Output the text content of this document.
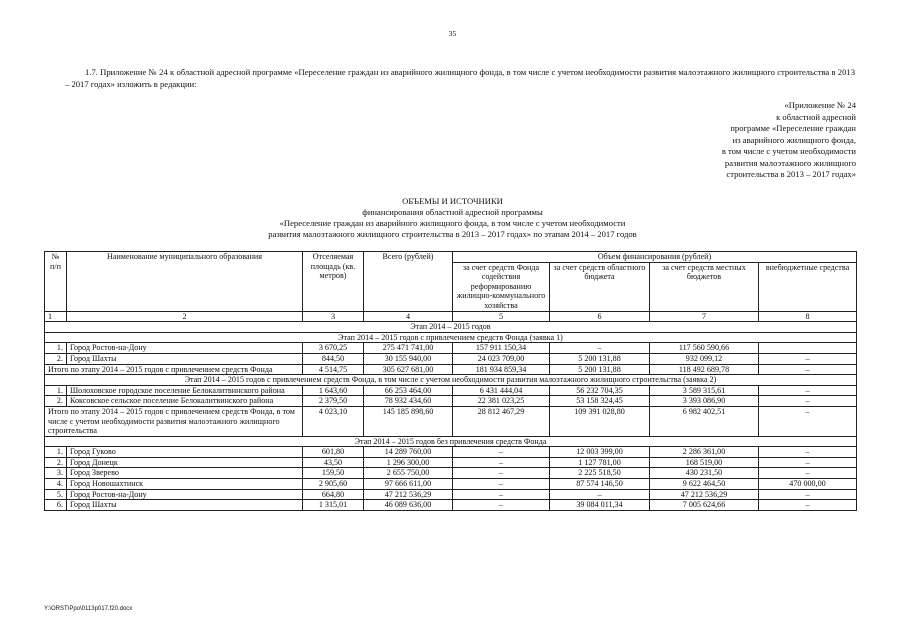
35
1.7. Приложение № 24 к областной адресной программе «Переселение граждан из аварийного жилищного фонда, в том числе с учетом необходимости развития малоэтажного жилищного строительства в 2013 – 2017 годах» изложить в редакции:
«Приложение № 24
к областной адресной
программе «Переселение граждан
из аварийного жилищного фонда,
в том числе с учетом необходимости
развития малоэтажного жилищного
строительства в 2013 – 2017 годах»
ОБЪЕМЫ И ИСТОЧНИКИ
финансирования областной адресной программы
«Переселение граждан из аварийного жилищного фонда, в том числе с учетом необходимости
развития малоэтажного жилищного строительства в 2013 – 2017 годах» по этапам 2014 – 2017 годов
№ п/п	Наименование муниципального образования	Отселяемая площадь (кв. метров)	Всего (рублей)	Объем финансирования (рублей)			
				за счет средств Фонда содействия реформированию жилищно-коммунального хозяйства	за счет средств областного бюджета	за счет средств местных бюджетов	внебюджетные средства
1	2	3	4	5	6	7	8
Этап 2014 – 2015 годов							
Этап 2014 – 2015 годов с привлечением средств Фонда (заявка 1)							
1.	Город Ростов-на-Дону	3 670,25	275 471 741,00	157 911 150,34	–	117 560 590,66	
2.	Город Шахты	844,50	30 155 940,00	24 023 709,00	5 200 131,88	932 099,12	–
Итого по этапу 2014 – 2015 годов с привлечением средств Фонда		4 514,75	305 627 681,00	181 934 859,34	5 200 131,88	118 492 689,78	–
Этап 2014 – 2015 годов с привлечением средств Фонда, в том числе с учетом необходимости развития малоэтажного жилищного строительства (заявка 2)							
1.	Шолоховское городское поселение Белокалитвинского района	1 643,60	66 253 464,00	6 431 444,04	56 232 704,35	3 589 315,61	–
2.	Коксовское сельское поселение Белокалитвинского района	2 379,50	78 932 434,60	22 381 023,25	53 158 324,45	3 393 086,90	–
Итого по этапу 2014 – 2015 годов с привлечением средств Фонда, в том числе с учетом необходимости развития малоэтажного жилищного строительства		4 023,10	145 185 898,60	28 812 467,29	109 391 028,80	6 982 402,51	–
Этап 2014 – 2015 годов без привлечения средств Фонда							
1.	Город Гуково	601,80	14 289 760,00	–	12 003 399,00	2 286 361,00	–
2.	Город Донецк	43,50	1 296 300,00	–	1 127 781,00	168 519,00	–
3.	Город Зверево	159,50	2 655 750,00	–	2 225 518,50	430 231,50	–
4.	Город Новошахтинск	2 905,60	97 666 611,00	–	87 574 146,50	9 622 464,50	470 000,00
5.	Город Ростов-на-Дону	664,80	47 212 536,29	–	–	47 212 536,29	–
6.	Город Шахты	1 315,01	46 089 636,00	–	39 084 011,34	7 005 624,66	–
Y:\ORST\Ppo\0113p017.f20.docx
